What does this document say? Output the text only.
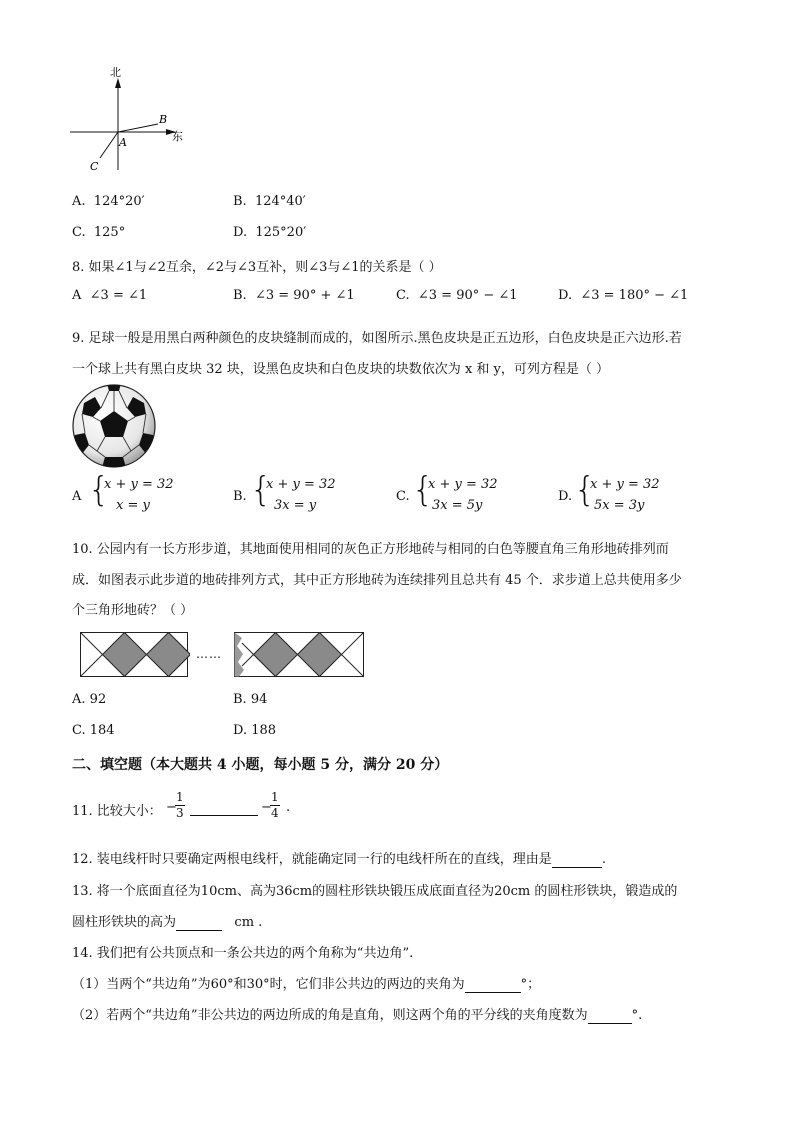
北
东
A
B
C
A. 124°20′	B. 124°40′
C. 125°	D. 125°20′
8. 如果∠1与∠2互余，∠2与∠3互补，则∠3与∠1的关系是（ ）
A ∠3 = ∠1	B. ∠3 = 90° + ∠1	C. ∠3 = 90° − ∠1	D. ∠3 = 180° − ∠1
9. 足球一般是用黑白两种颜色的皮块缝制而成的，如图所示.黑色皮块是正五边形，白色皮块是正六边形.若
一个球上共有黑白皮块 32 块，设黑色皮块和白色皮块的块数依次为 x 和 y，可列方程是（ ）
A {
x + y = 32
x = y
B. {
x + y = 32
3x = y
C. {
x + y = 32
3x = 5y
D. {
x + y = 32
5x = 3y
10. 公园内有一长方形步道，其地面使用相同的灰色正方形地砖与相同的白色等腰直角三角形地砖排列而
成．如图表示此步道的地砖排列方式，其中正方形地砖为连续排列且总共有 45 个．求步道上总共使用多少
个三角形地砖？（ ）
……
A. 92	B. 94
C. 184	D. 188
二、填空题（本大题共 4 小题，每小题 5 分，满分 20 分）
11. 比较大小： −
$\frac{1}{3}$	−
$\frac{1}{4}$ .
12. 装电线杆时只要确定两根电线杆，就能确定同一行的电线杆所在的直线，理由是	.
13. 将一个底面直径为10cm、高为36cm的圆柱形铁块锻压成底面直径为20cm 的圆柱形铁块，锻造成的
圆柱形铁块的高为	cm .
14. 我们把有公共顶点和一条公共边的两个角称为“共边角”.
（1）当两个“共边角”为60°和30°时，它们非公共边的两边的夹角为	°；
（2）若两个“共边角”非公共边的两边所成的角是直角，则这两个角的平分线的夹角度数为	°.
